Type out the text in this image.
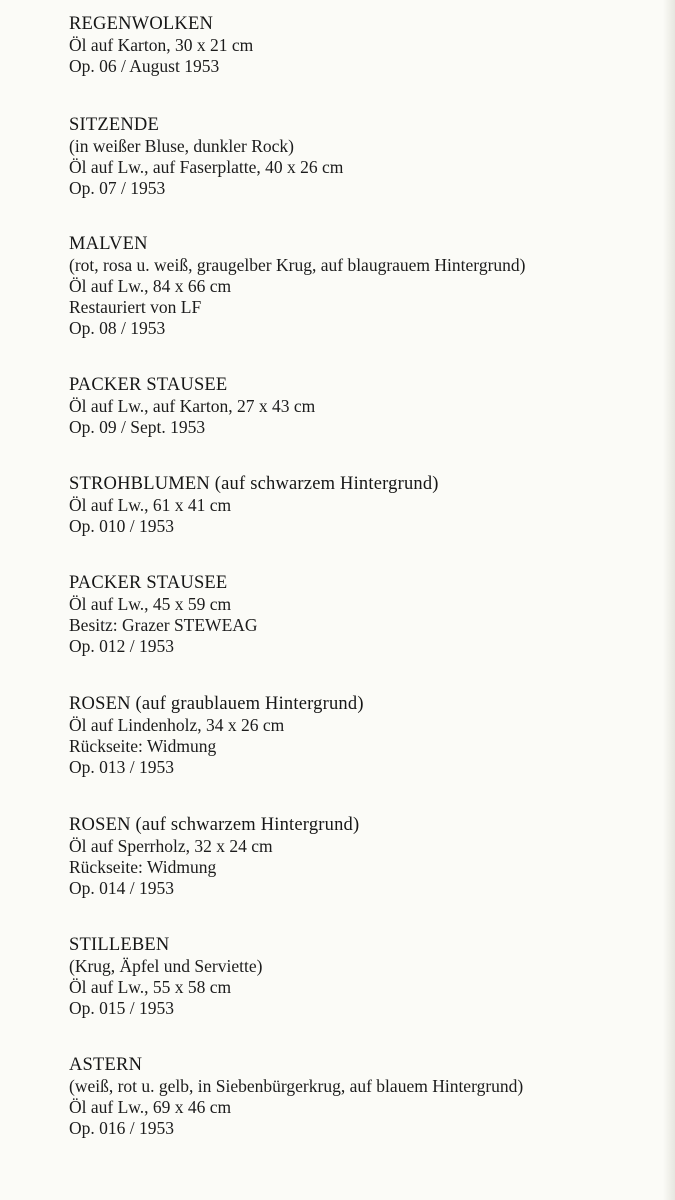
REGENWOLKEN
Öl auf Karton, 30 x 21 cm
Op. 06 / August 1953
SITZENDE
(in weißer Bluse, dunkler Rock)
Öl auf Lw., auf Faserplatte, 40 x 26 cm
Op. 07 / 1953
MALVEN
(rot, rosa u. weiß, graugelber Krug, auf blaugrauem Hintergrund)
Öl auf Lw., 84 x 66 cm
Restauriert von LF
Op. 08 / 1953
PACKER STAUSEE
Öl auf Lw., auf Karton, 27 x 43 cm
Op. 09 / Sept. 1953
STROHBLUMEN (auf schwarzem Hintergrund)
Öl auf Lw., 61 x 41 cm
Op. 010 / 1953
PACKER STAUSEE
Öl auf Lw., 45 x 59 cm
Besitz: Grazer STEWEAG
Op. 012 / 1953
ROSEN (auf graublauem Hintergrund)
Öl auf Lindenholz, 34 x 26 cm
Rückseite: Widmung
Op. 013 / 1953
ROSEN (auf schwarzem Hintergrund)
Öl auf Sperrholz, 32 x 24 cm
Rückseite: Widmung
Op. 014 / 1953
STILLEBEN
(Krug, Äpfel und Serviette)
Öl auf Lw., 55 x 58 cm
Op. 015 / 1953
ASTERN
(weiß, rot u. gelb, in Siebenbürgerkrug, auf blauem Hintergrund)
Öl auf Lw., 69 x 46 cm
Op. 016 / 1953
